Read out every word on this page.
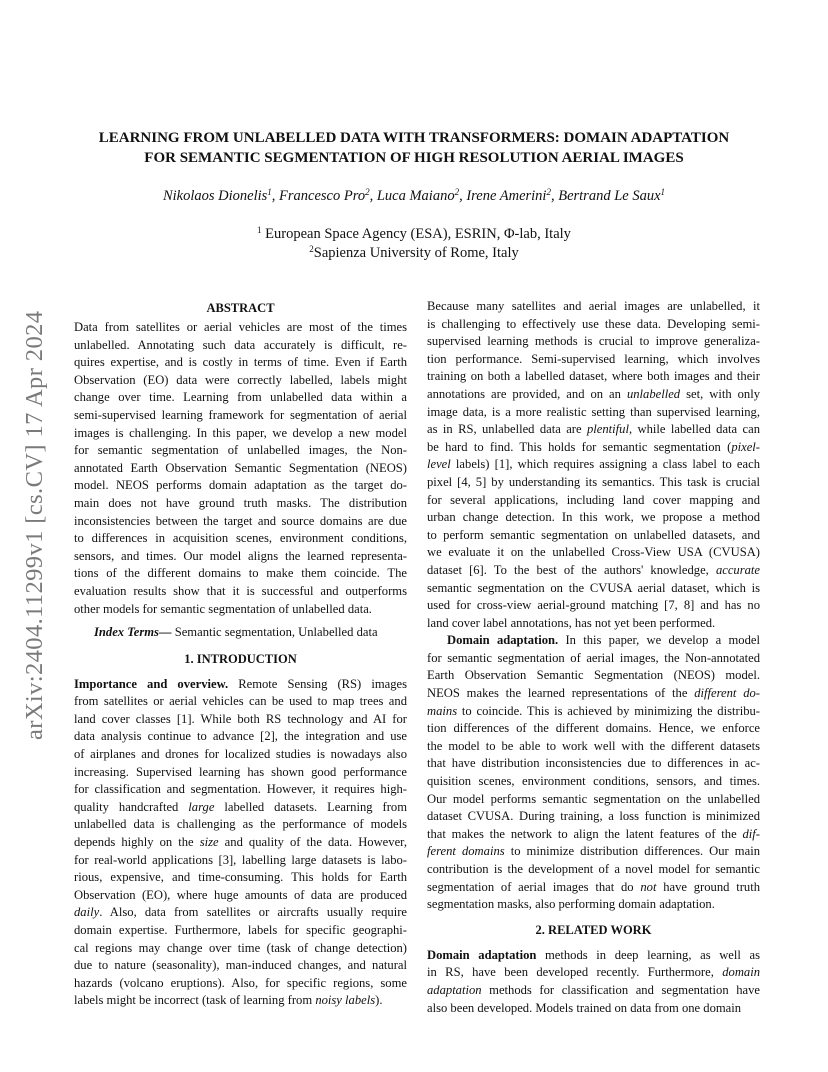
arXiv:2404.11299v1 [cs.CV] 17 Apr 2024
LEARNING FROM UNLABELLED DATA WITH TRANSFORMERS: DOMAIN ADAPTATION
FOR SEMANTIC SEGMENTATION OF HIGH RESOLUTION AERIAL IMAGES
Nikolaos Dionelis$^1$, Francesco Pro$^2$, Luca Maiano$^2$, Irene Amerini$^2$, Bertrand Le Saux$^1$
$^1$ European Space Agency (ESA), ESRIN, Φ-lab, Italy
$^2$Sapienza University of Rome, Italy
ABSTRACT
Data from satellites or aerial vehicles are most of the times
unlabelled. Annotating such data accurately is difficult, re-
quires expertise, and is costly in terms of time. Even if Earth
Observation (EO) data were correctly labelled, labels might
change over time. Learning from unlabelled data within a
semi-supervised learning framework for segmentation of aerial
images is challenging. In this paper, we develop a new model
for semantic segmentation of unlabelled images, the Non-
annotated Earth Observation Semantic Segmentation (NEOS)
model. NEOS performs domain adaptation as the target do-
main does not have ground truth masks. The distribution
inconsistencies between the target and source domains are due
to differences in acquisition scenes, environment conditions,
sensors, and times. Our model aligns the learned representa-
tions of the different domains to make them coincide. The
evaluation results show that it is successful and outperforms
other models for semantic segmentation of unlabelled data.
Index Terms— Semantic segmentation, Unlabelled data
1. INTRODUCTION
Importance and overview. Remote Sensing (RS) images
from satellites or aerial vehicles can be used to map trees and
land cover classes [1]. While both RS technology and AI for
data analysis continue to advance [2], the integration and use
of airplanes and drones for localized studies is nowadays also
increasing. Supervised learning has shown good performance
for classification and segmentation. However, it requires high-
quality handcrafted large labelled datasets. Learning from
unlabelled data is challenging as the performance of models
depends highly on the size and quality of the data. However,
for real-world applications [3], labelling large datasets is labo-
rious, expensive, and time-consuming. This holds for Earth
Observation (EO), where huge amounts of data are produced
daily. Also, data from satellites or aircrafts usually require
domain expertise. Furthermore, labels for specific geographi-
cal regions may change over time (task of change detection)
due to nature (seasonality), man-induced changes, and natural
hazards (volcano eruptions). Also, for specific regions, some
labels might be incorrect (task of learning from noisy labels).
Because many satellites and aerial images are unlabelled, it
is challenging to effectively use these data. Developing semi-
supervised learning methods is crucial to improve generaliza-
tion performance. Semi-supervised learning, which involves
training on both a labelled dataset, where both images and their
annotations are provided, and on an unlabelled set, with only
image data, is a more realistic setting than supervised learning,
as in RS, unlabelled data are plentiful, while labelled data can
be hard to find. This holds for semantic segmentation (pixel-
level labels) [1], which requires assigning a class label to each
pixel [4, 5] by understanding its semantics. This task is crucial
for several applications, including land cover mapping and
urban change detection. In this work, we propose a method
to perform semantic segmentation on unlabelled datasets, and
we evaluate it on the unlabelled Cross-View USA (CVUSA)
dataset [6]. To the best of the authors' knowledge, accurate
semantic segmentation on the CVUSA aerial dataset, which is
used for cross-view aerial-ground matching [7, 8] and has no
land cover label annotations, has not yet been performed.
Domain adaptation. In this paper, we develop a model
for semantic segmentation of aerial images, the Non-annotated
Earth Observation Semantic Segmentation (NEOS) model.
NEOS makes the learned representations of the different do-
mains to coincide. This is achieved by minimizing the distribu-
tion differences of the different domains. Hence, we enforce
the model to be able to work well with the different datasets
that have distribution inconsistencies due to differences in ac-
quisition scenes, environment conditions, sensors, and times.
Our model performs semantic segmentation on the unlabelled
dataset CVUSA. During training, a loss function is minimized
that makes the network to align the latent features of the dif-
ferent domains to minimize distribution differences. Our main
contribution is the development of a novel model for semantic
segmentation of aerial images that do not have ground truth
segmentation masks, also performing domain adaptation.
2. RELATED WORK
Domain adaptation methods in deep learning, as well as
in RS, have been developed recently. Furthermore, domain
adaptation methods for classification and segmentation have
also been developed. Models trained on data from one domain
